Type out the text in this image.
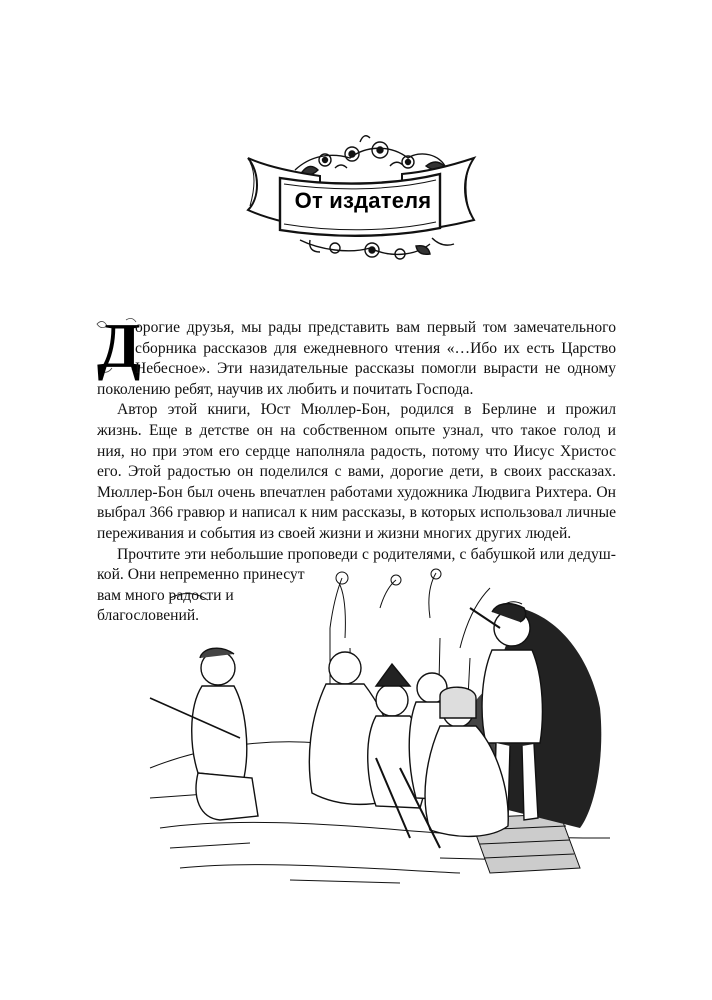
От издателя
Д
орогие друзья, мы рады представить вам первый том замечательного
сборника рассказов для ежедневного чтения «…Ибо их есть Царство
Небесное». Эти назидательные рассказы помогли вырасти не одному
поколению ребят, научив их любить и почитать Господа.
Автор этой книги, Юст Мюллер-Бон, родился в Берлине и прожил
жизнь. Еще в детстве он на собственном опыте узнал, что такое голод и
ния, но при этом его сердце наполняла радость, потому что Иисус Христос
его. Этой радостью он поделился с вами, дорогие дети, в своих рассказах.
Мюллер-Бон был очень впечатлен работами художника Людвига Рихтера. Он
выбрал 366 гравюр и написал к ним рассказы, в которых использовал личные
переживания и события из своей жизни и жизни многих других людей.
Прочтите эти небольшие проповеди с родителями, с бабушкой или дедуш-
кой. Они непременно принесут
вам много радости и
благословений.
